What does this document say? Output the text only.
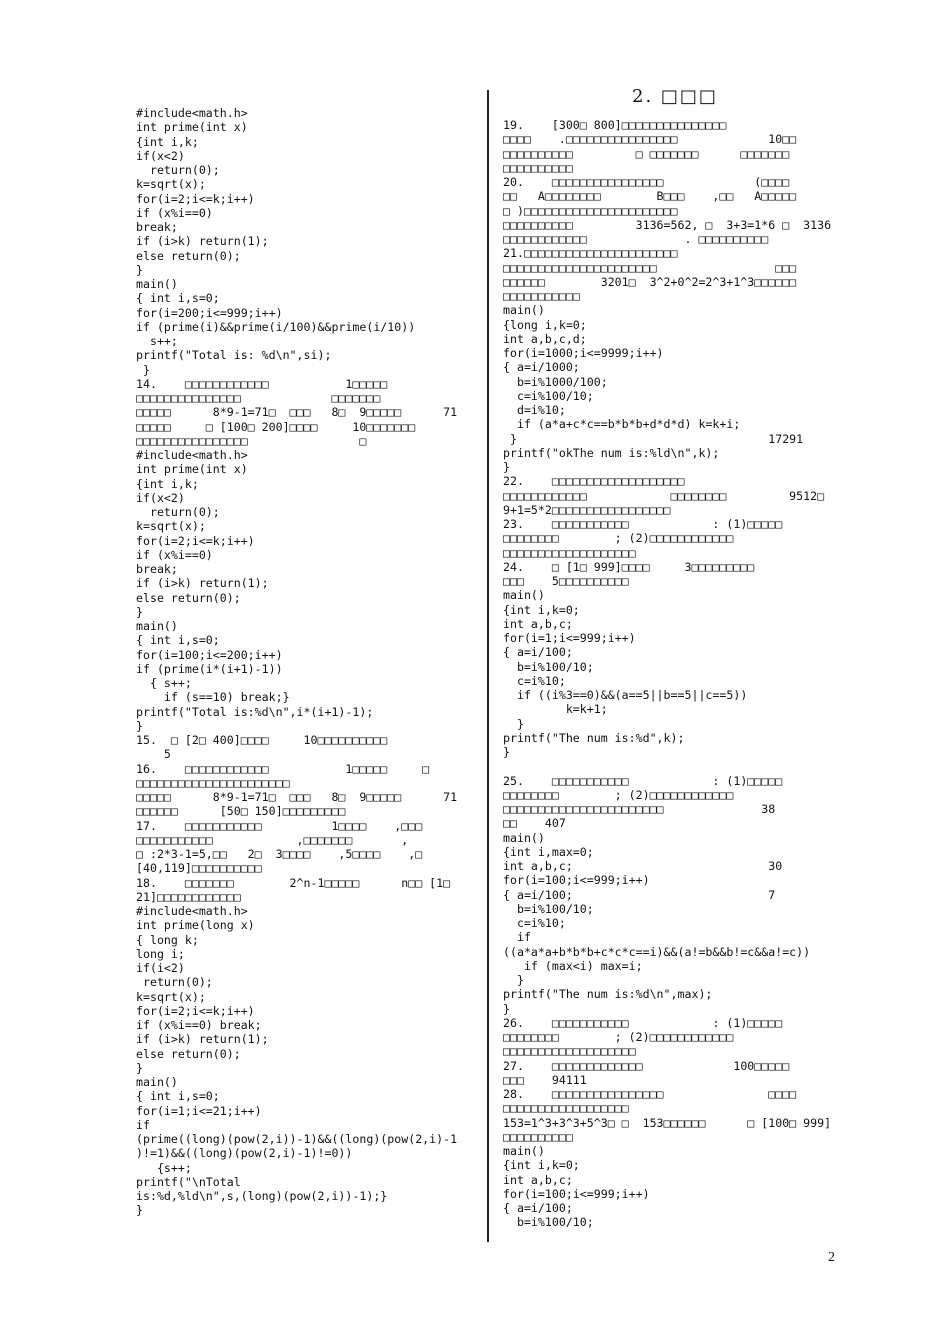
#include<math.h>
int prime(int x)
{int i,k;
if(x<2)
return(0);
k=sqrt(x);
for(i=2;i<=k;i++)
if (x%i==0)
break;
if (i>k) return(1);
else return(0);
}
main()
{ int i,s=0;
for(i=200;i<=999;i++)
if (prime(i)&&prime(i/100)&&prime(i/10))
s++;
printf("Total is: %d\n",si);
}
14.    □□□□□□□□□□□□           1□□□□□
□□□□□□□□□□□□□□□             □□□□□□□
□□□□□      8*9-1=71□  □□□   8□  9□□□□□      71
□□□□□     □ [100□ 200]□□□□     10□□□□□□□
□□□□□□□□□□□□□□□□                □
#include<math.h>
int prime(int x)
{int i,k;
if(x<2)
return(0);
k=sqrt(x);
for(i=2;i<=k;i++)
if (x%i==0)
break;
if (i>k) return(1);
else return(0);
}
main()
{ int i,s=0;
for(i=100;i<=200;i++)
if (prime(i*(i+1)-1))
{ s++;
if (s==10) break;}
printf("Total is:%d\n",i*(i+1)-1);
}
15.  □ [2□ 400]□□□□     10□□□□□□□□□□
5
16.    □□□□□□□□□□□□           1□□□□□     □
□□□□□□□□□□□□□□□□□□□□□□
□□□□□      8*9-1=71□  □□□   8□  9□□□□□      71
□□□□□□      [50□ 150]□□□□□□□□□
17.    □□□□□□□□□□□          1□□□□    ,□□□
□□□□□□□□□□□            ,□□□□□□□       ,
□ :2*3-1=5,□□   2□  3□□□□    ,5□□□□    ,□
[40,119]□□□□□□□□□□
18.    □□□□□□□        2^n-1□□□□□      n□□ [1□
21]□□□□□□□□□□□□
#include<math.h>
int prime(long x)
{ long k;
long i;
if(i<2)
return(0);
k=sqrt(x);
for(i=2;i<=k;i++)
if (x%i==0) break;
if (i>k) return(1);
else return(0);
}
main()
{ int i,s=0;
for(i=1;i<=21;i++)
if
(prime((long)(pow(2,i))-1)&&((long)(pow(2,i)-1
)!=1)&&((long)(pow(2,i)-1)!=0))
{s++;
printf("\nTotal
is:%d,%ld\n",s,(long)(pow(2,i))-1);}
}
2. □□□
19.    [300□ 800]□□□□□□□□□□□□□□□
□□□□    .□□□□□□□□□□□□□□□□             10□□
□□□□□□□□□□         □ □□□□□□□      □□□□□□□
□□□□□□□□□□
20.    □□□□□□□□□□□□□□□□             (□□□□
□□   A□□□□□□□□        B□□□    ,□□   A□□□□□
□ )□□□□□□□□□□□□□□□□□□□□□□
□□□□□□□□□□         3136=562, □  3+3=1*6 □  3136
□□□□□□□□□□□□              . □□□□□□□□□□
21.□□□□□□□□□□□□□□□□□□□□□□
□□□□□□□□□□□□□□□□□□□□□□                 □□□
□□□□□□        3201□  3^2+0^2=2^3+1^3□□□□□□
□□□□□□□□□□□
main()
{long i,k=0;
int a,b,c,d;
for(i=1000;i<=9999;i++)
{ a=i/1000;
b=i%1000/100;
c=i%100/10;
d=i%10;
if (a*a+c*c==b*b*b+d*d*d) k=k+i;
}                                    17291
printf("okThe num is:%ld\n",k);
}
22.    □□□□□□□□□□□□□□□□□□□
□□□□□□□□□□□□            □□□□□□□□         9512□
9+1=5*2□□□□□□□□□□□□□□□□□
23.    □□□□□□□□□□□            : (1)□□□□□
□□□□□□□□        ; (2)□□□□□□□□□□□□
□□□□□□□□□□□□□□□□□□□
24.    □ [1□ 999]□□□□     3□□□□□□□□□
□□□    5□□□□□□□□□□
main()
{int i,k=0;
int a,b,c;
for(i=1;i<=999;i++)
{ a=i/100;
b=i%100/10;
c=i%10;
if ((i%3==0)&&(a==5||b==5||c==5))
k=k+1;
}
printf("The num is:%d",k);
}

25.    □□□□□□□□□□□            : (1)□□□□□
□□□□□□□□        ; (2)□□□□□□□□□□□□
□□□□□□□□□□□□□□□□□□□□□□□              38
□□    407
main()
{int i,max=0;
int a,b,c;                            30
for(i=100;i<=999;i++)
{ a=i/100;                            7
b=i%100/10;
c=i%10;
if
((a*a*a+b*b*b+c*c*c==i)&&(a!=b&&b!=c&&a!=c))
if (max<i) max=i;
}
printf("The num is:%d\n",max);
}
26.    □□□□□□□□□□□            : (1)□□□□□
□□□□□□□□        ; (2)□□□□□□□□□□□□
□□□□□□□□□□□□□□□□□□□
27.    □□□□□□□□□□□□□             100□□□□□
□□□    94111
28.    □□□□□□□□□□□□□□□□               □□□□
□□□□□□□□□□□□□□□□□□
153=1^3+3^3+5^3□ □  153□□□□□□      □ [100□ 999]
□□□□□□□□□□
main()
{int i,k=0;
int a,b,c;
for(i=100;i<=999;i++)
{ a=i/100;
b=i%100/10;
2
